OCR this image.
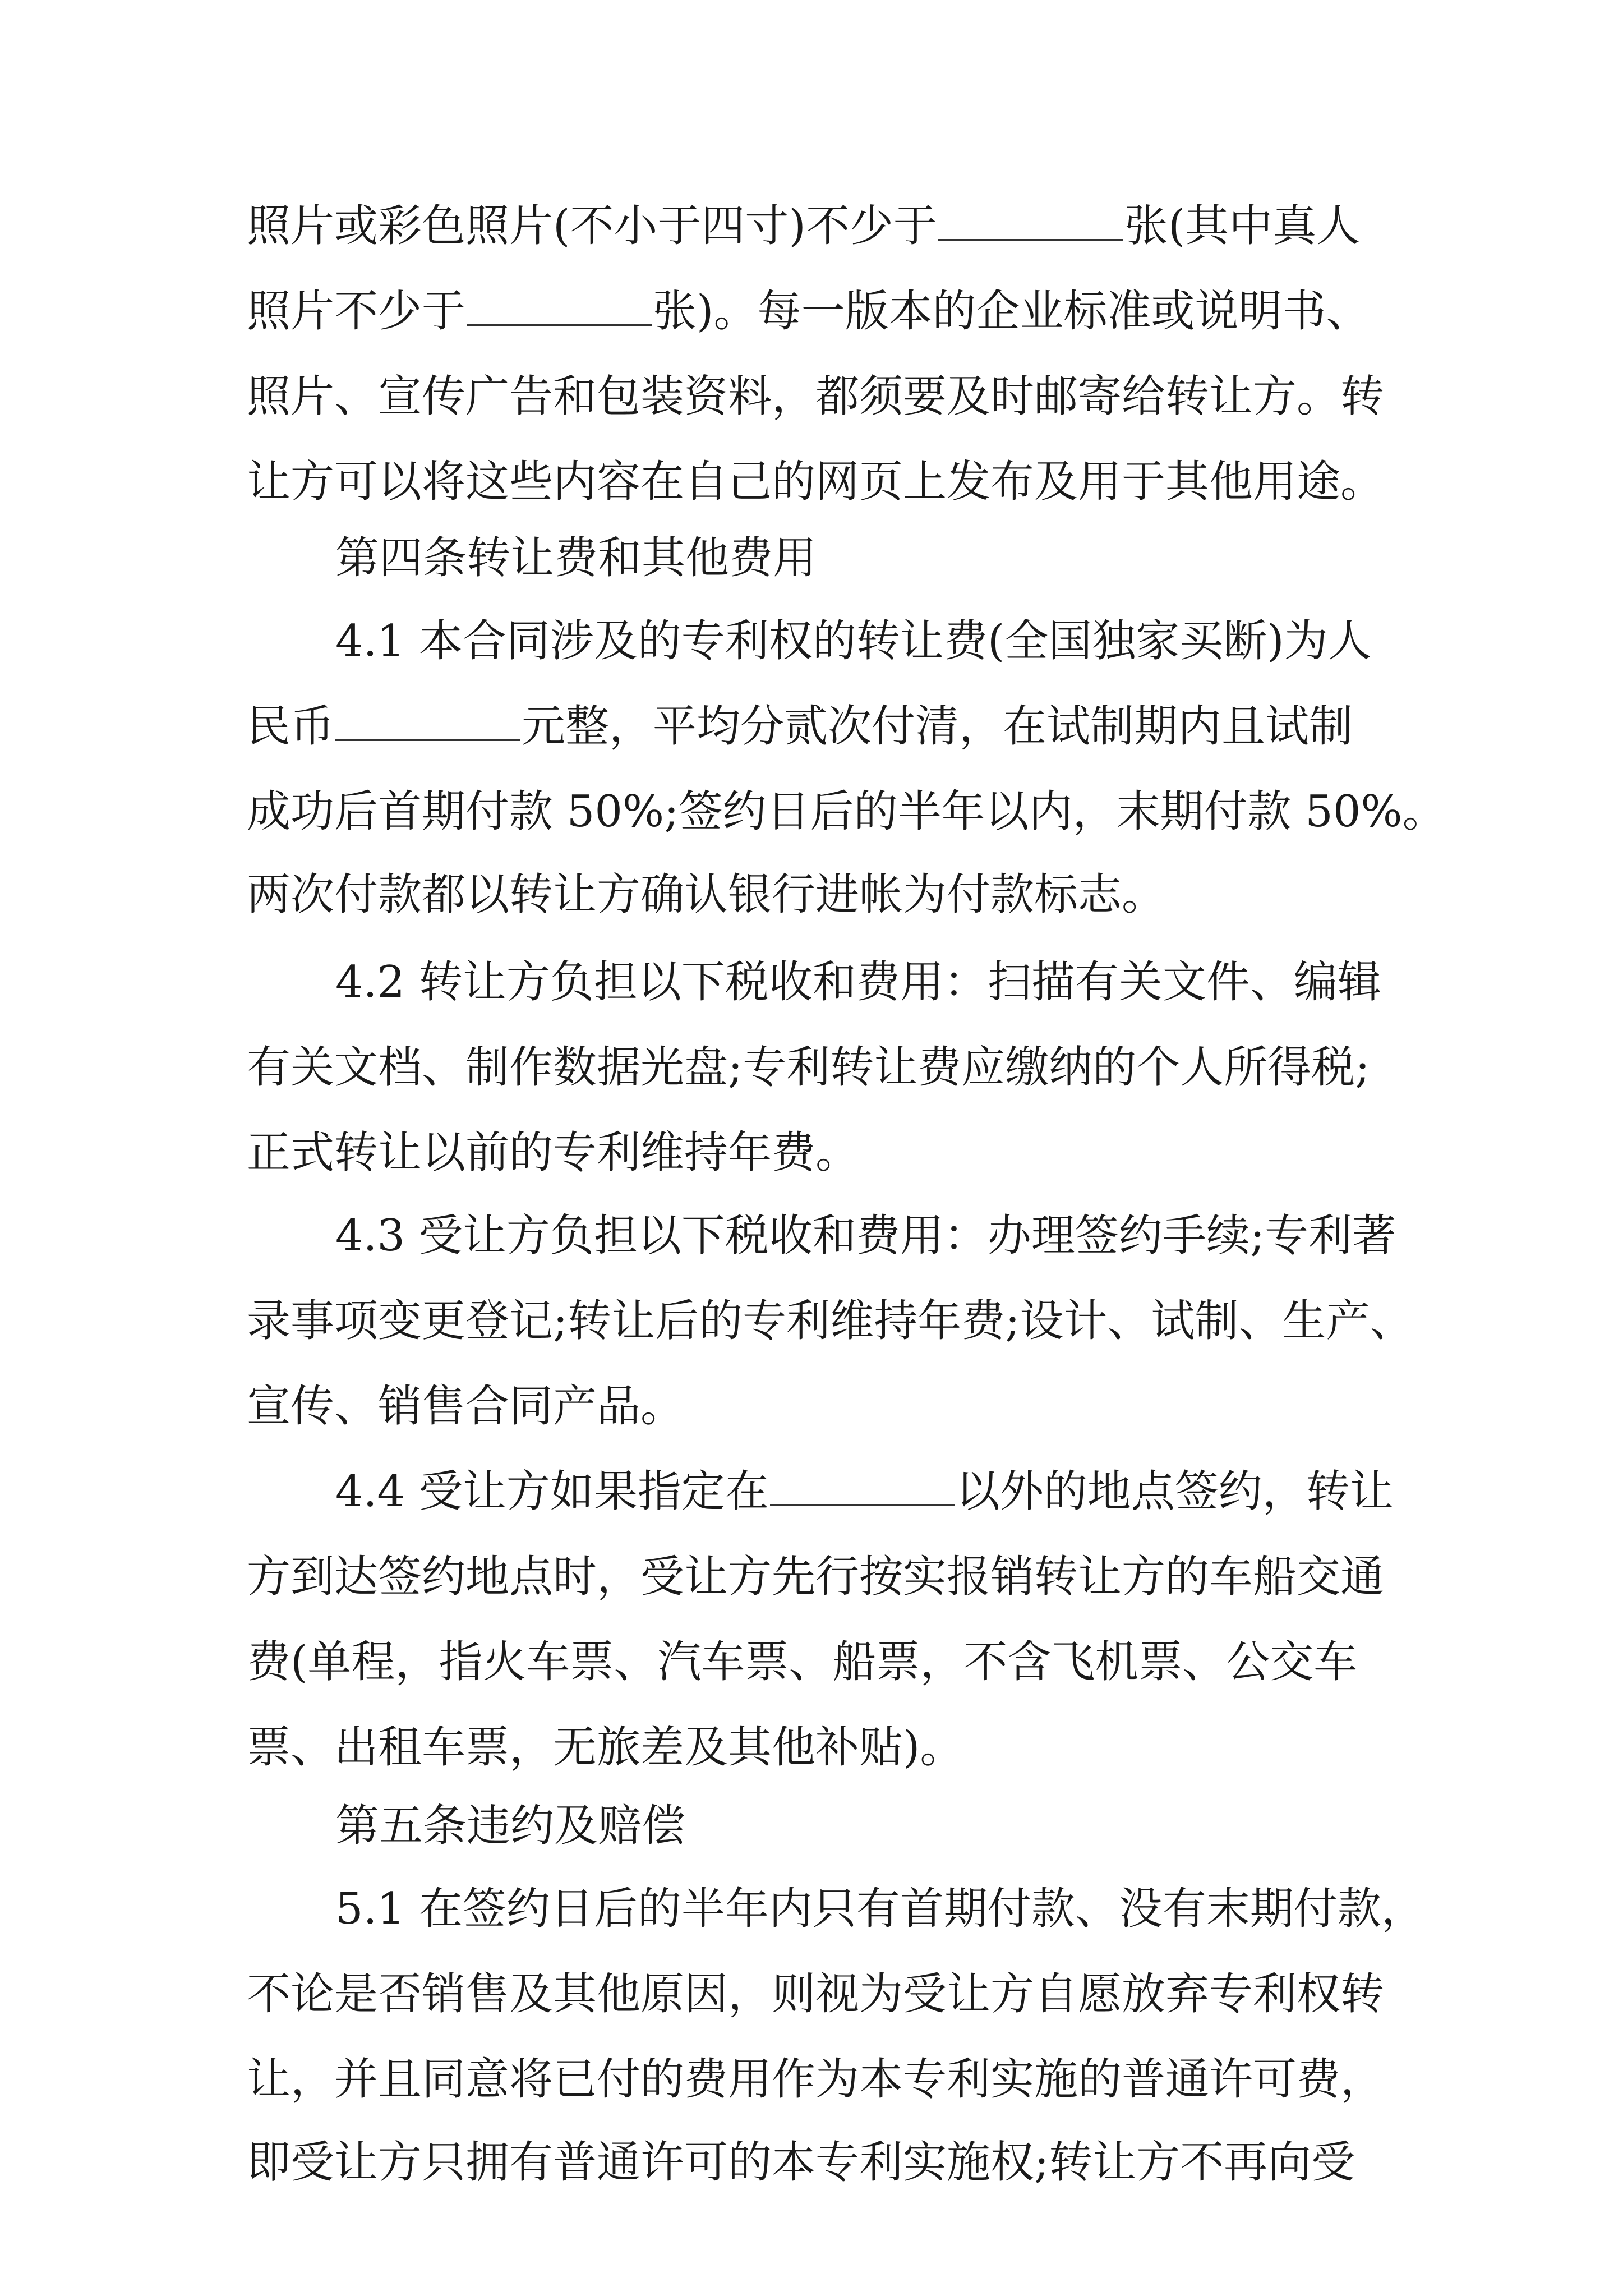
照片或彩色照片(不小于四寸)不少于	张(其中真人
照片不少于	张)。每一版本的企业标准或说明书、
照片、宣传广告和包装资料，都须要及时邮寄给转让方。转
让方可以将这些内容在自己的网页上发布及用于其他用途。
第四条转让费和其他费用
4.1 本合同涉及的专利权的转让费(全国独家买断)为人
民币	元整，平均分贰次付清，在试制期内且试制
成功后首期付款 50%;签约日后的半年以内，末期付款 50%。
两次付款都以转让方确认银行进帐为付款标志。
4.2 转让方负担以下税收和费用：扫描有关文件、编辑
有关文档、制作数据光盘;专利转让费应缴纳的个人所得税;
正式转让以前的专利维持年费。
4.3 受让方负担以下税收和费用：办理签约手续;专利著
录事项变更登记;转让后的专利维持年费;设计、试制、生产、
宣传、销售合同产品。
4.4 受让方如果指定在	以外的地点签约，转让
方到达签约地点时，受让方先行按实报销转让方的车船交通
费(单程，指火车票、汽车票、船票，不含飞机票、公交车
票、出租车票，无旅差及其他补贴)。
第五条违约及赔偿
5.1 在签约日后的半年内只有首期付款、没有末期付款，
不论是否销售及其他原因，则视为受让方自愿放弃专利权转
让，并且同意将已付的费用作为本专利实施的普通许可费，
即受让方只拥有普通许可的本专利实施权;转让方不再向受
